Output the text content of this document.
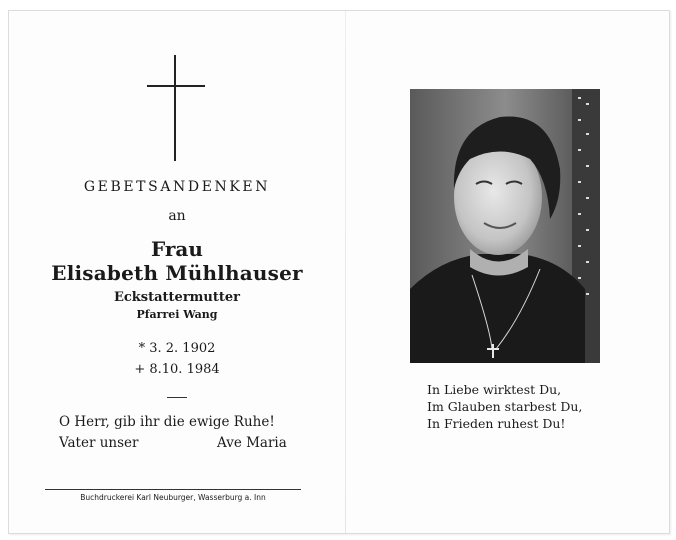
GEBETSANDENKEN
an
Frau
Elisabeth Mühlhauser
Eckstattermutter
Pfarrei Wang
* 3. 2. 1902
+ 8.10. 1984
O Herr, gib ihr die ewige Ruhe!
Vater unser	Ave Maria
Buchdruckerei Karl Neuburger, Wasserburg a. Inn
In Liebe wirktest Du,
Im Glauben starbest Du,
In Frieden ruhest Du!
